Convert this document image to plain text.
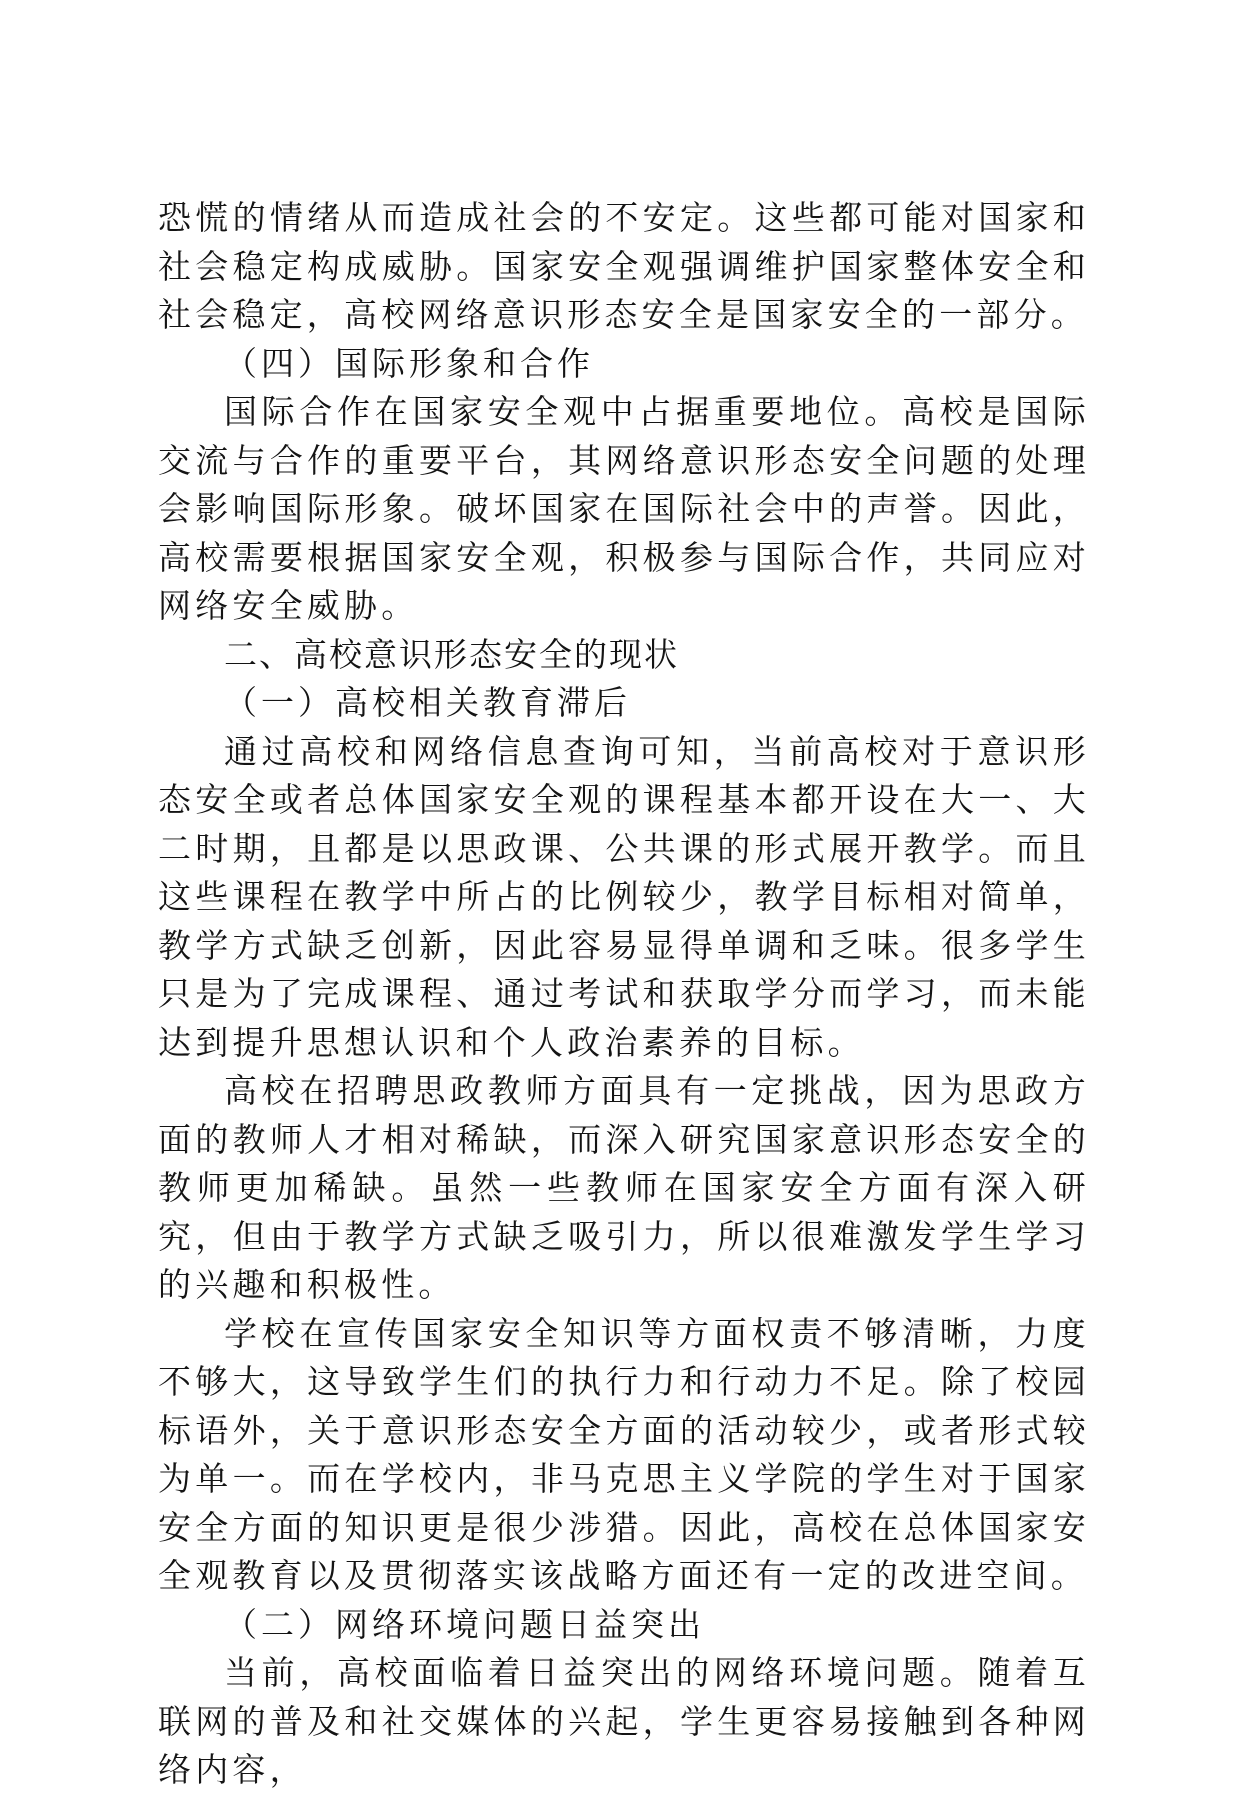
恐慌的情绪从而造成社会的不安定。这些都可能对国家和社会稳定构成威胁。国家安全观强调维护国家整体安全和社会稳定，高校网络意识形态安全是国家安全的一部分。

（四）国际形象和合作

国际合作在国家安全观中占据重要地位。高校是国际交流与合作的重要平台，其网络意识形态安全问题的处理会影响国际形象。破坏国家在国际社会中的声誉。因此，高校需要根据国家安全观，积极参与国际合作，共同应对网络安全威胁。

二、高校意识形态安全的现状

（一）高校相关教育滞后

通过高校和网络信息查询可知，当前高校对于意识形态安全或者总体国家安全观的课程基本都开设在大一、大二时期，且都是以思政课、公共课的形式展开教学。而且这些课程在教学中所占的比例较少，教学目标相对简单，教学方式缺乏创新，因此容易显得单调和乏味。很多学生只是为了完成课程、通过考试和获取学分而学习，而未能达到提升思想认识和个人政治素养的目标。

高校在招聘思政教师方面具有一定挑战，因为思政方面的教师人才相对稀缺，而深入研究国家意识形态安全的教师更加稀缺。虽然一些教师在国家安全方面有深入研究，但由于教学方式缺乏吸引力，所以很难激发学生学习的兴趣和积极性。

学校在宣传国家安全知识等方面权责不够清晰，力度不够大，这导致学生们的执行力和行动力不足。除了校园标语外，关于意识形态安全方面的活动较少，或者形式较为单一。而在学校内，非马克思主义学院的学生对于国家安全方面的知识更是很少涉猎。因此，高校在总体国家安全观教育以及贯彻落实该战略方面还有一定的改进空间。

（二）网络环境问题日益突出

当前，高校面临着日益突出的网络环境问题。随着互联网的普及和社交媒体的兴起，学生更容易接触到各种网络内容，
